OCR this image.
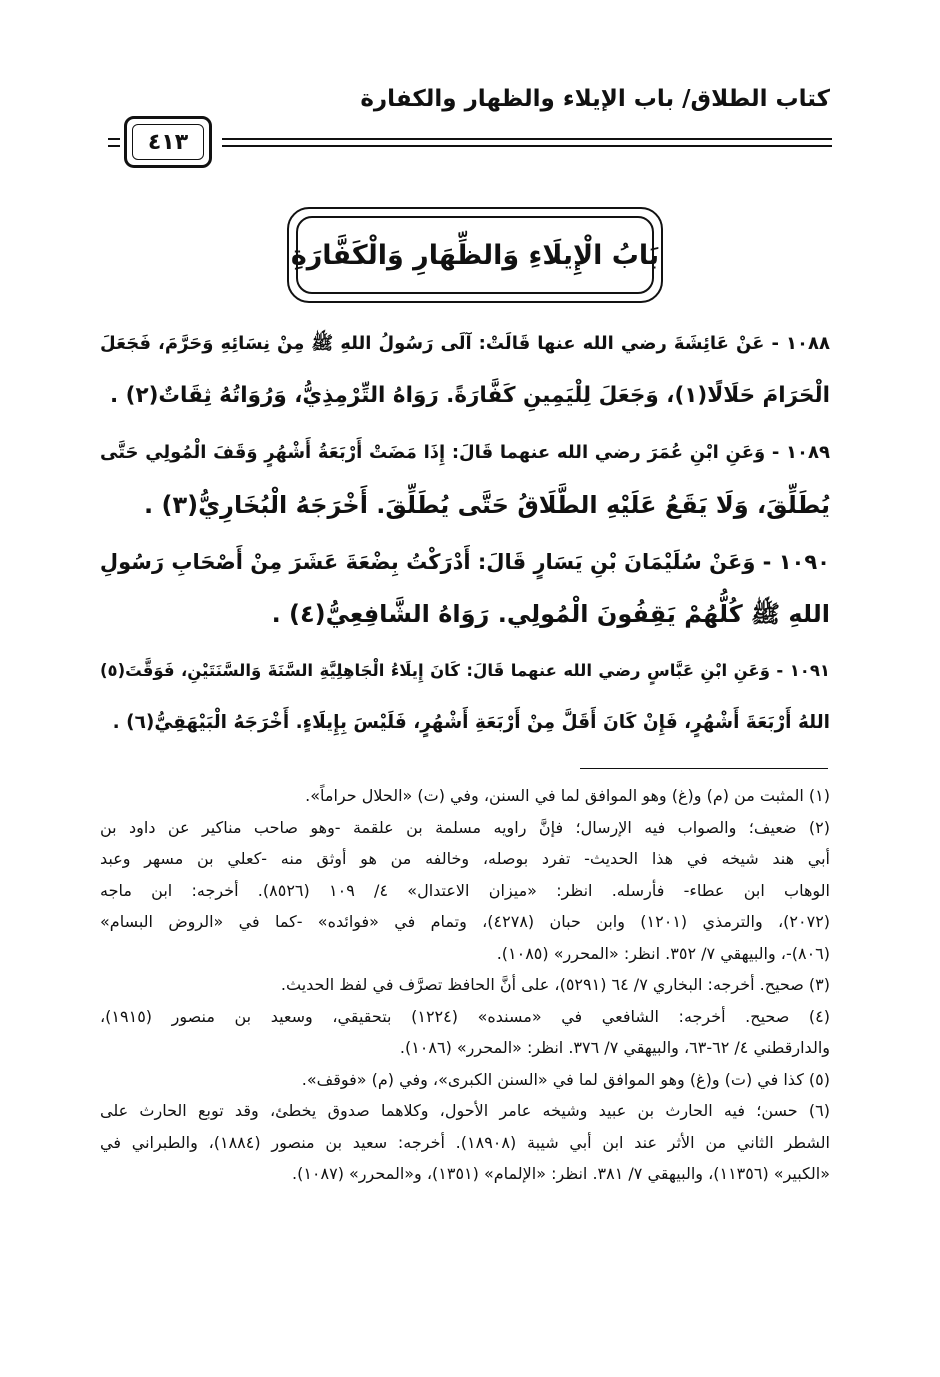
كتاب الطلاق/ باب الإيلاء والظهار والكفارة
٤١٣
بَابُ الْإِيلَاءِ وَالظِّهَارِ وَالْكَفَّارَةِ
١٠٨٨ - عَنْ عَائِشَةَ رضي الله عنها قَالَتْ: آلَى رَسُولُ اللهِ ﷺ مِنْ نِسَائِهِ وَحَرَّمَ، فَجَعَلَ
الْحَرَامَ حَلَالًا(١)، وَجَعَلَ لِلْيَمِينِ كَفَّارَةً. رَوَاهُ التِّرْمِذِيُّ، وَرُوَاتُهُ ثِقَاتٌ(٢) .
١٠٨٩ - وَعَنِ ابْنِ عُمَرَ رضي الله عنهما قَالَ: إِذَا مَضَتْ أَرْبَعَةُ أَشْهُرٍ وَقَفَ الْمُولِي حَتَّى
يُطَلِّقَ، وَلَا يَقَعُ عَلَيْهِ الطَّلَاقُ حَتَّى يُطَلِّقَ. أَخْرَجَهُ الْبُخَارِيُّ(٣) .
١٠٩٠ - وَعَنْ سُلَيْمَانَ بْنِ يَسَارٍ قَالَ: أَدْرَكْتُ بِضْعَةَ عَشَرَ مِنْ أَصْحَابِ رَسُولِ
اللهِ ﷺ كُلُّهُمْ يَقِفُونَ الْمُولِي. رَوَاهُ الشَّافِعِيُّ(٤) .
١٠٩١ - وَعَنِ ابْنِ عَبَّاسٍ رضي الله عنهما قَالَ: كَانَ إِيلَاءُ الْجَاهِلِيَّةِ السَّنَةَ وَالسَّنَتَيْنِ، فَوَقَّتَ(٥)
اللهُ أَرْبَعَةَ أَشْهُرٍ، فَإِنْ كَانَ أَقَلَّ مِنْ أَرْبَعَةِ أَشْهُرٍ، فَلَيْسَ بِإِيلَاءٍ. أَخْرَجَهُ الْبَيْهَقِيُّ(٦) .
(١) المثبت من (م) و(غ) وهو الموافق لما في السنن، وفي (ت) «الحلال حراماً».
(٢) ضعيف؛ والصواب فيه الإرسال؛ فإنَّ راويه مسلمة بن علقمة -وهو صاحب مناكير عن داود بن
أبي هند شيخه في هذا الحديث- تفرد بوصله، وخالفه من هو أوثق منه -كعلي بن مسهر وعبد
الوهاب ابن عطاء- فأرسله. انظر: «ميزان الاعتدال» ٤/ ١٠٩ (٨٥٢٦). أخرجه: ابن ماجه
(٢٠٧٢)، والترمذي (١٢٠١) وابن حبان (٤٢٧٨)، وتمام في «فوائده» -كما في «الروض البسام»
(٨٠٦)-، والبيهقي ٧/ ٣٥٢. انظر: «المحرر» (١٠٨٥).
(٣) صحيح. أخرجه: البخاري ٧/ ٦٤ (٥٢٩١)، على أنَّ الحافظ تصرَّف في لفظ الحديث.
(٤) صحيح. أخرجه: الشافعي في «مسنده» (١٢٢٤) بتحقيقي، وسعيد بن منصور (١٩١٥)،
والدارقطني ٤/ ٦٢-٦٣، والبيهقي ٧/ ٣٧٦. انظر: «المحرر» (١٠٨٦).
(٥) كذا في (ت) و(غ) وهو الموافق لما في «السنن الكبرى»، وفي (م) «فوقف».
(٦) حسن؛ فيه الحارث بن عبيد وشيخه عامر الأحول، وكلاهما صدوق يخطئ، وقد توبع الحارث على
الشطر الثاني من الأثر عند ابن أبي شيبة (١٨٩٠٨). أخرجه: سعيد بن منصور (١٨٨٤)، والطبراني في
«الكبير» (١١٣٥٦)، والبيهقي ٧/ ٣٨١. انظر: «الإلمام» (١٣٥١)، و«المحرر» (١٠٨٧).
